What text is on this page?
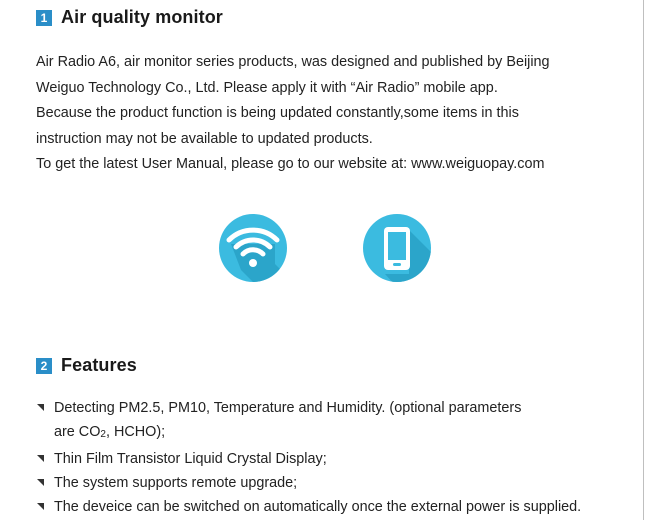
1 Air quality monitor

Air Radio A6, air monitor series products, was designed and published by Beijing

Weiguo Technology Co., Ltd. Please apply it with “Air Radio” mobile app.

Because the product function is being updated constantly,some items in this

instruction may not be available to updated products.

To get the latest User Manual, please go to our website at: www.weiguopay.com

2 Features

Detecting PM2.5, PM10, Temperature and Humidity. (optional parameters

are $CO_2$, HCHO);

Thin Film Transistor Liquid Crystal Display;

The system supports remote upgrade;

The deveice can be switched on automatically once the external power is supplied.
